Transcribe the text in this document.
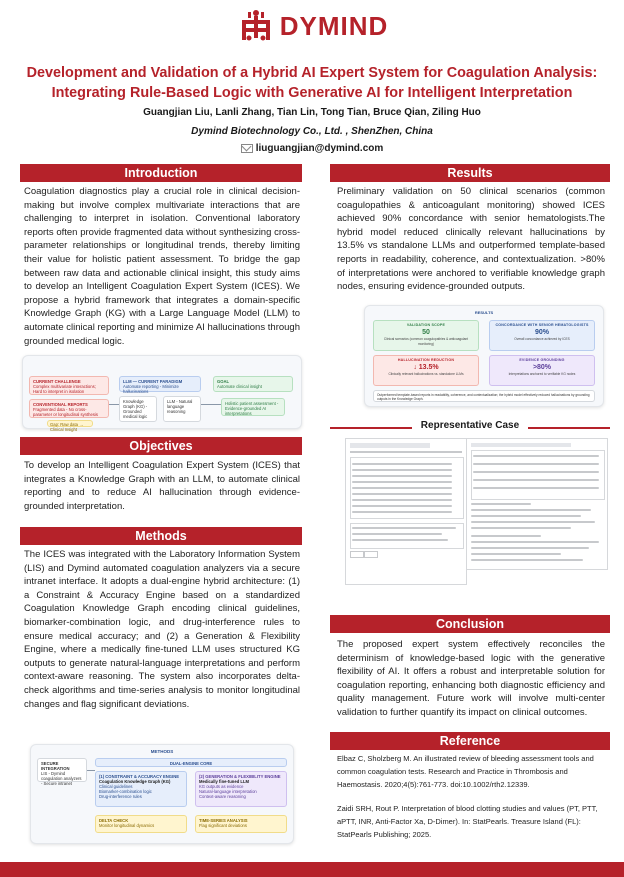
DYMIND
Development and Validation of a Hybrid AI Expert System for Coagulation Analysis: Integrating Rule-Based Logic with Generative AI for Intelligent Interpretation
Guangjian Liu, Lanli Zhang, Tian Lin, Tong Tian, Bruce Qian, Ziling Huo
Dymind Biotechnology Co., Ltd. , ShenZhen, China
liuguangjian@dymind.com
Introduction
Coagulation diagnostics play a crucial role in clinical decision-making but involve complex multivariate interactions that are challenging to interpret in isolation. Conventional laboratory reports often provide fragmented data without synthesizing cross-parameter relationships or longitudinal trends, thereby limiting their value for holistic patient assessment. To bridge the gap between raw data and actionable clinical insight, this study aims to develop an Intelligent Coagulation Expert System (ICES). We propose a hybrid framework that integrates a domain-specific Knowledge Graph (KG) with a Large Language Model (LLM) to automate clinical reporting and minimize AI hallucinations through grounded medical logic.
CURRENT CHALLENGE
Complex multivariate interactions; Hard to interpret in isolation
CONVENTIONAL REPORTS
Fragmented data - No cross-parameter or longitudinal synthesis
Gap: Raw data → Clinical Insight
LLM — CURRENT PARADIGM
Automate reporting - Minimize hallucinations
Knowledge Graph (KG) - Grounded medical logic
LLM - Natural language reasoning
GOAL
Automate clinical insight
Holistic patient assessment - Evidence-grounded AI interpretations
Objectives
To develop an Intelligent Coagulation Expert System (ICES) that integrates a Knowledge Graph with an LLM, to automate clinical reporting and to reduce AI hallucination through evidence-grounded interpretation.
Methods
The ICES was integrated with the Laboratory Information System (LIS) and Dymind automated coagulation analyzers via a secure intranet interface. It adopts a dual-engine hybrid architecture: (1) a Constraint & Accuracy Engine based on a standardized Coagulation Knowledge Graph encoding clinical guidelines, biomarker-combination logic, and drug-interference rules to ensure medical accuracy; and (2) a Generation & Flexibility Engine, where a medically fine-tuned LLM uses structured KG outputs to generate natural-language interpretations and perform context-aware reasoning. The system also incorporates delta-check algorithms and time-series analysis to monitor longitudinal changes and flag significant deviations.
METHODS
SECURE INTEGRATION
LIS - Dymind coagulation analyzers - Secure intranet
DUAL-ENGINE CORE
(1) CONSTRAINT & ACCURACY ENGINE
Coagulation Knowledge Graph (KG)
Clinical guidelines
Biomarker-combination logic
Drug-interference rules
(2) GENERATION & FLEXIBILITY ENGINE
Medically fine-tuned LLM
KG outputs as evidence
Natural-language interpretation
Context-aware reasoning
DELTA CHECK
Monitor longitudinal dynamics
TIME-SERIES ANALYSIS
Flag significant deviations
Results
Preliminary validation on 50 clinical scenarios (common coagulopathies & anticoagulant monitoring) showed ICES achieved 90% concordance with senior hematologists.The hybrid model reduced clinically relevant hallucinations by 13.5% vs standalone LLMs and outperformed template-based reports in readability, coherence, and contextualization. >80% of interpretations were anchored to verifiable knowledge graph nodes, ensuring evidence-grounded outputs.
RESULTS
VALIDATION SCOPE
50
Clinical scenarios (common coagulopathies & anticoagulant monitoring)
CONCORDANCE WITH SENIOR HEMATOLOGISTS
90%
Overall concordance achieved by ICES
HALLUCINATION REDUCTION
↓ 13.5%
Clinically relevant hallucinations vs. standalone LLMs
EVIDENCE GROUNDING
>80%
Interpretations anchored to verifiable KG nodes
Outperformed template-based reports in readability, coherence, and contextualization; the hybrid model effectively reduced hallucinations by grounding outputs in the Knowledge Graph.
Representative Case
Conclusion
The proposed expert system effectively reconciles the determinism of knowledge-based logic with the generative flexibility of AI. It offers a robust and interpretable solution for coagulation reporting, enhancing both diagnostic efficiency and quality management. Future work will involve multi-center validation to further quantify its impact on clinical outcomes.
Reference
Elbaz C, Sholzberg M. An illustrated review of bleeding assessment tools and common coagulation tests. Research and Practice in Thrombosis and Haemostasis. 2020;4(5):761-773. doi:10.1002/rth2.12339.
Zaidi SRH, Rout P. Interpretation of blood clotting studies and values (PT, PTT, aPTT, INR, Anti-Factor Xa, D-Dimer). In: StatPearls. Treasure Island (FL): StatPearls Publishing; 2025.
